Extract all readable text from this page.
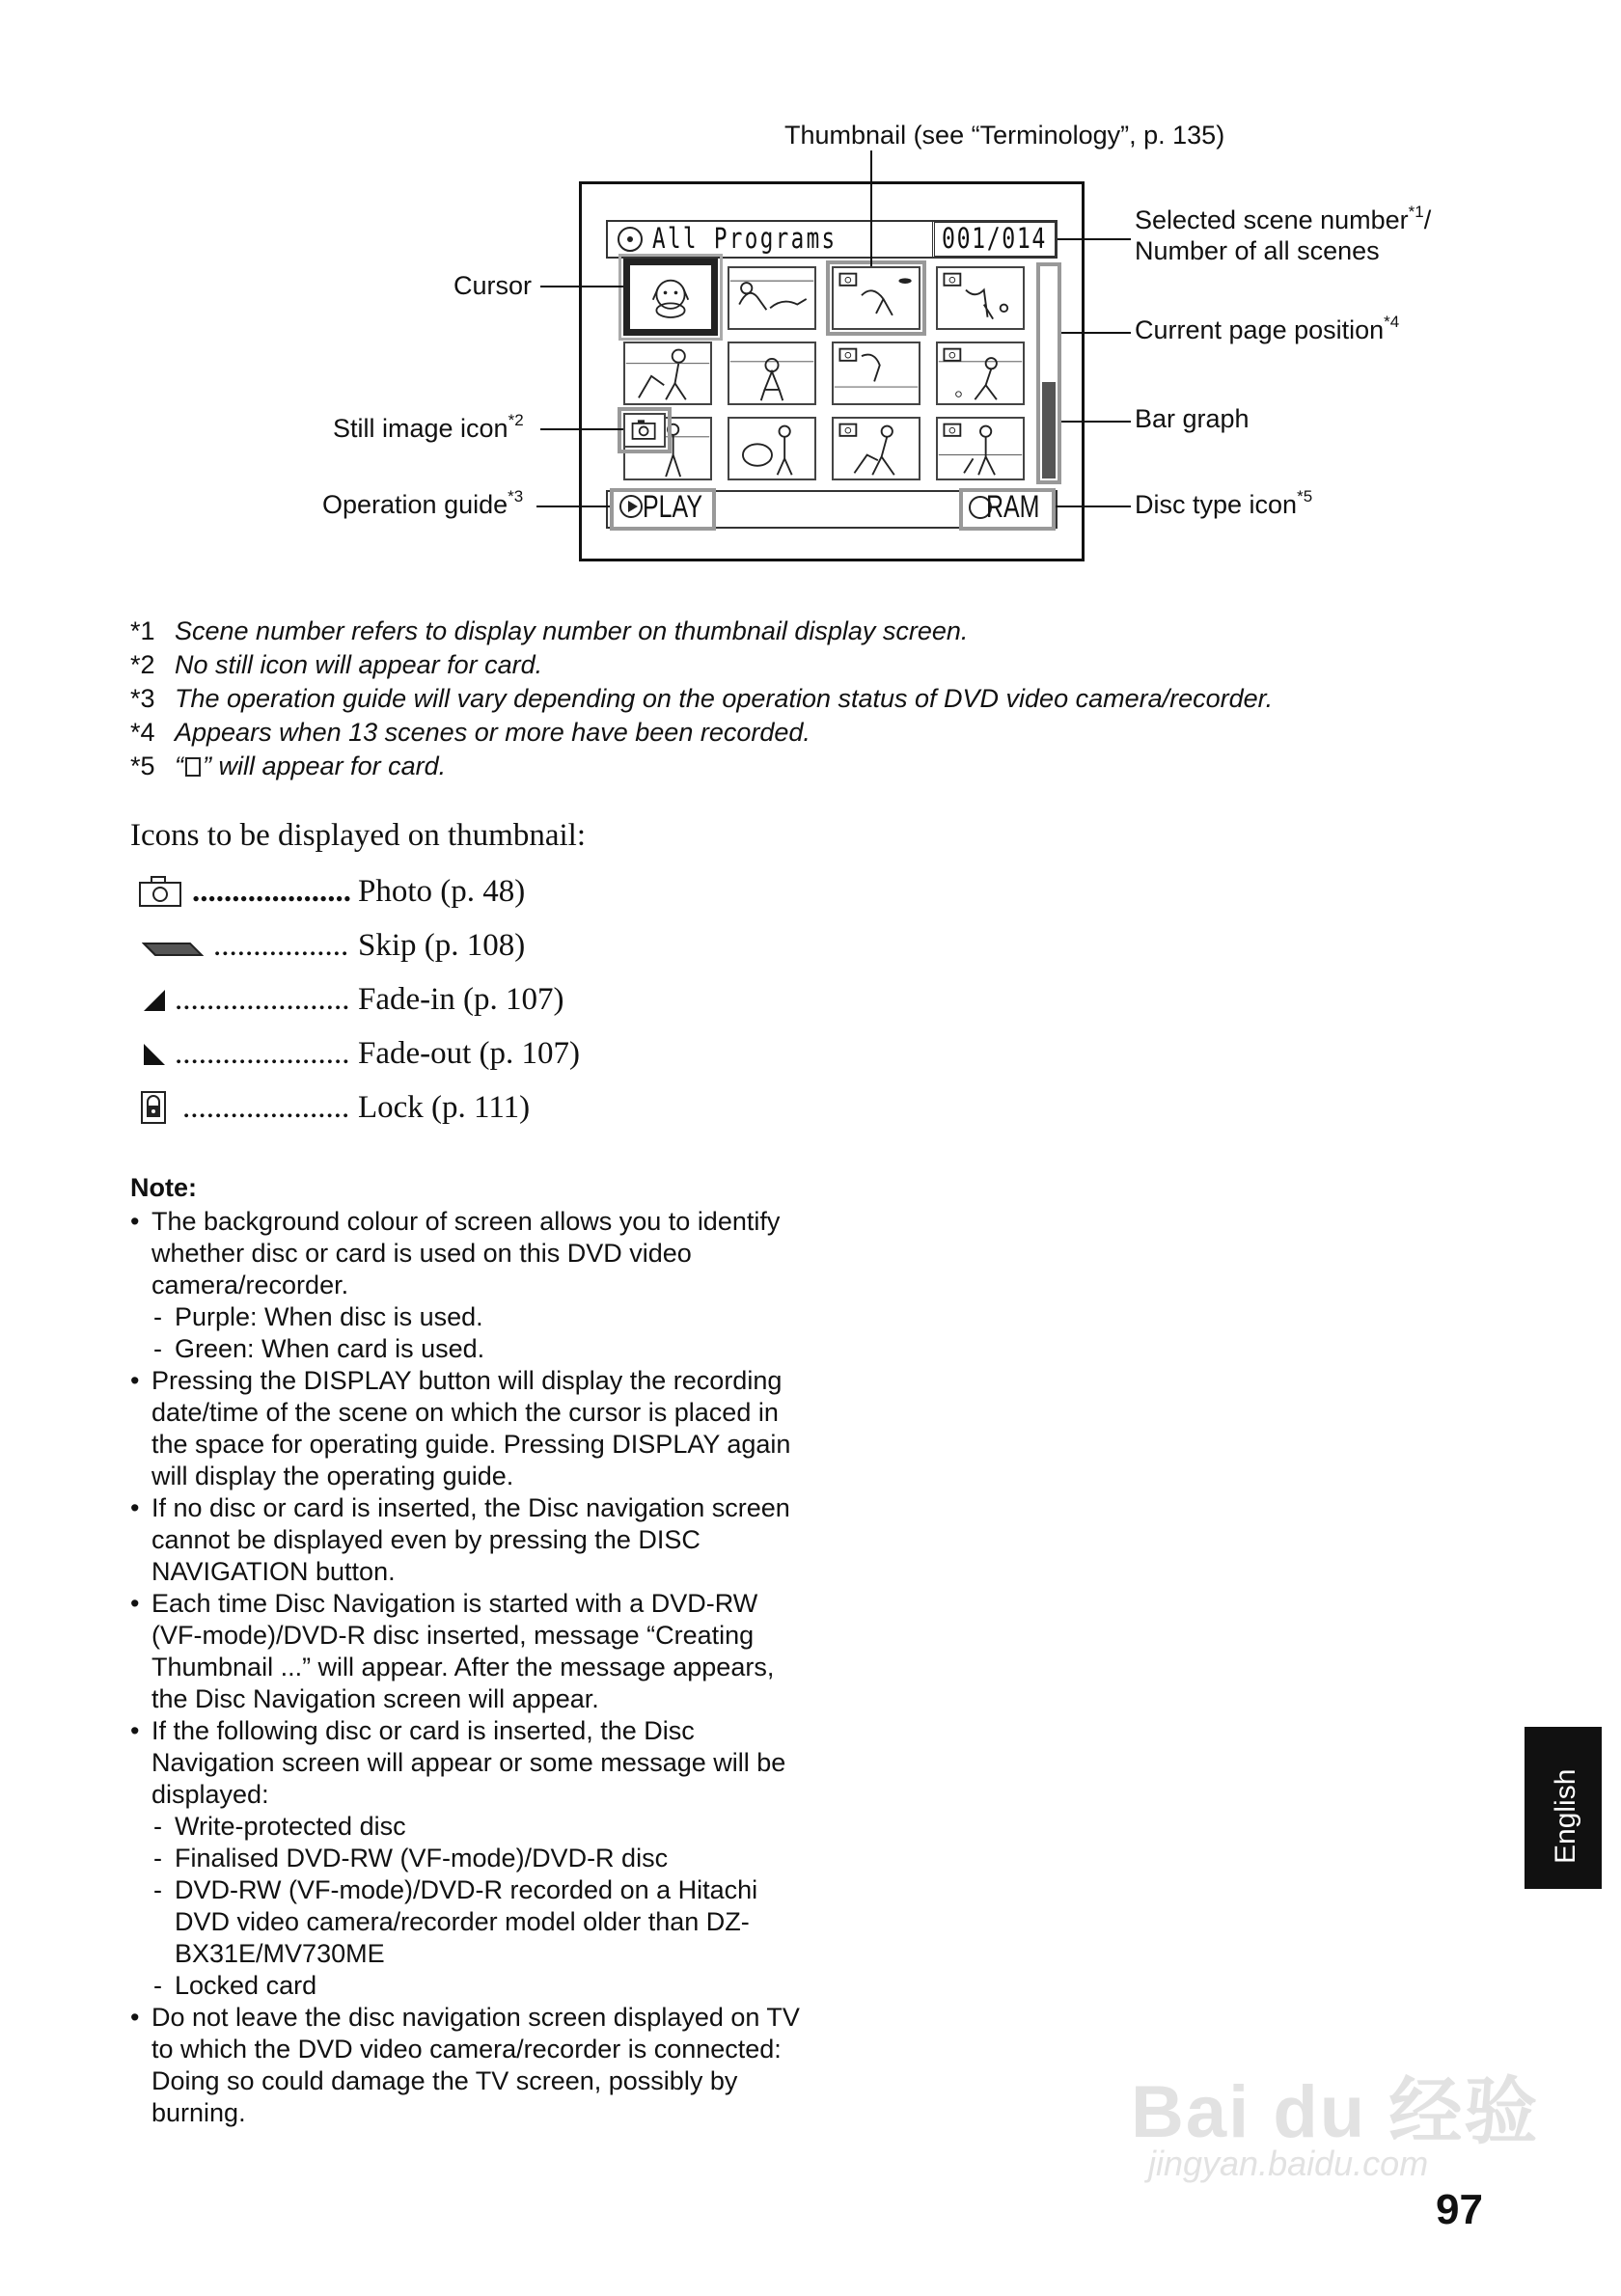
All Programs	001/014
PLAY	RAM
Thumbnail (see “Terminology”, p. 135)
Selected scene number$^{*1}$/
Number of all scenes
Cursor
Current page position$^{*4}$
Bar graph
Still image icon$^{*2}$
Operation guide$^{*3}$	Disc type icon$^{*5}$
*1 Scene number refers to display number on thumbnail display screen.
*2 No still icon will appear for card.
*3 The operation guide will vary depending on the operation status of DVD video camera/recorder.
*4 Appears when 13 scenes or more have been recorded.
*5 “ ” will appear for card.
Icons to be displayed on thumbnail:
.................... Photo (p. 48)
................. Skip (p. 108)
...................... Fade-in (p. 107)
...................... Fade-out (p. 107)
..................... Lock (p. 111)
Note:
• The background colour of screen allows you to identify whether disc or card is used on this DVD video camera/recorder.
- Purple: When disc is used.
- Green: When card is used.
• Pressing the DISPLAY button will display the recording date/time of the scene on which the cursor is placed in the space for operating guide. Pressing DISPLAY again will display the operating guide.
• If no disc or card is inserted, the Disc navigation screen cannot be displayed even by pressing the DISC NAVIGATION button.
• Each time Disc Navigation is started with a DVD-RW (VF-mode)/DVD-R disc inserted, message “Creating Thumbnail ...” will appear. After the message appears, the Disc Navigation screen will appear.
• If the following disc or card is inserted, the Disc Navigation screen will appear or some message will be displayed:
- Write-protected disc
- Finalised DVD-RW (VF-mode)/DVD-R disc
- DVD-RW (VF-mode)/DVD-R recorded on a Hitachi DVD video camera/recorder model older than DZ-BX31E/MV730ME
- Locked card
• Do not leave the disc navigation screen displayed on TV to which the DVD video camera/recorder is connected: Doing so could damage the TV screen, possibly by burning.
English
Bai du 经验
jingyan.baidu.com
97
